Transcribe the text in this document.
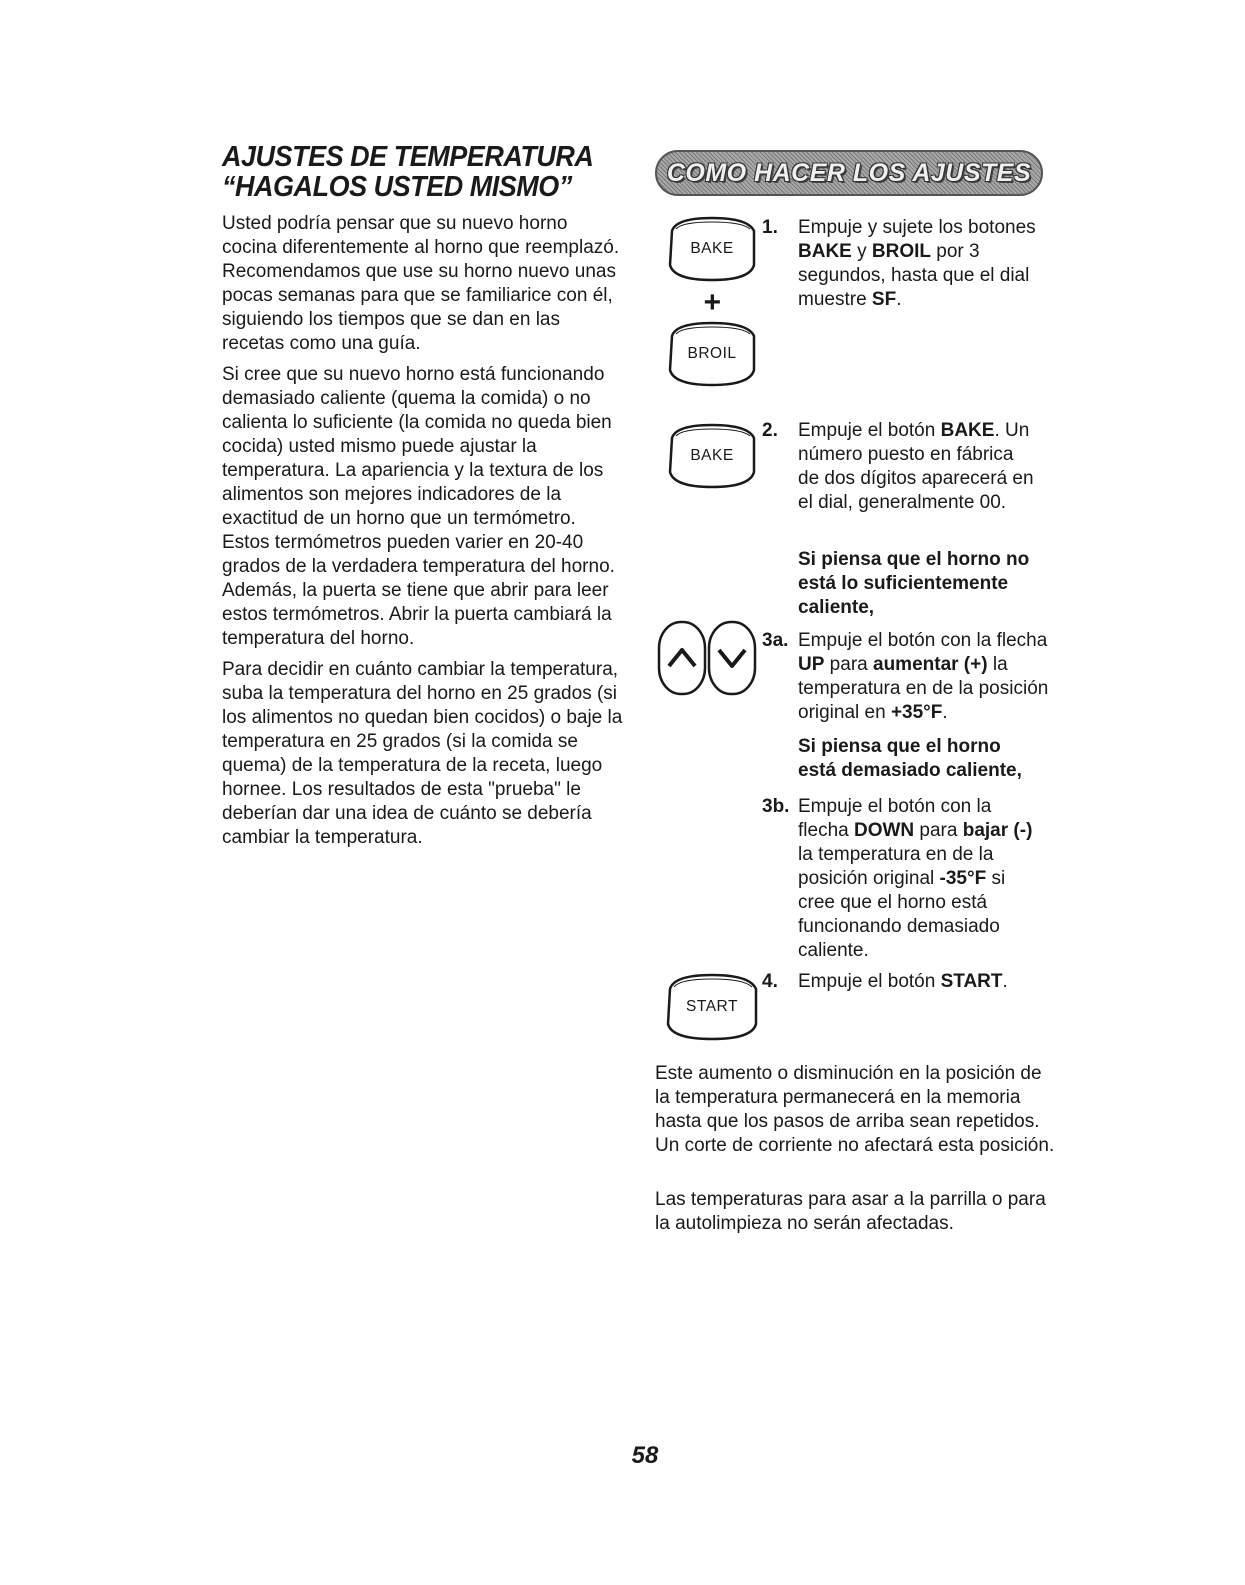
AJUSTES DE TEMPERATURA
“HAGALOS USTED MISMO”

Usted podría pensar que su nuevo horno cocina diferentemente al horno que reemplazó. Recomendamos que use su horno nuevo unas pocas semanas para que se familiarice con él, siguiendo los tiempos que se dan en las recetas como una guía.

Si cree que su nuevo horno está funcionando demasiado caliente (quema la comida) o no calienta lo suficiente (la comida no queda bien cocida) usted mismo puede ajustar la temperatura. La apariencia y la textura de los alimentos son mejores indicadores de la exactitud de un horno que un termómetro. Estos termómetros pueden varier en 20-40 grados de la verdadera temperatura del horno. Además, la puerta se tiene que abrir para leer estos termómetros. Abrir la puerta cambiará la temperatura del horno.

Para decidir en cuánto cambiar la temperatura, suba la temperatura del horno en 25 grados (si los alimentos no quedan bien cocidos) o baje la temperatura en 25 grados (si la comida se quema) de la temperatura de la receta, luego hornee. Los resultados de esta "prueba" le deberían dar una idea de cuánto se debería cambiar la temperatura.

COMO HACER LOS AJUSTES
BAKE
+
BROIL
BAKE
START
1. Empuje y sujete los botones BAKE y BROIL por 3 segundos, hasta que el dial muestre SF.
2. Empuje el botón BAKE. Un número puesto en fábrica de dos dígitos aparecerá en el dial, generalmente 00.
Si piensa que el horno no está lo suficientemente caliente,
3a. Empuje el botón con la flecha UP para aumentar (+) la temperatura en de la posición original en +35°F.
Si piensa que el horno está demasiado caliente,
3b. Empuje el botón con la flecha DOWN para bajar (-) la temperatura en de la posición original -35°F si cree que el horno está funcionando demasiado caliente.
4. Empuje el botón START.

Este aumento o disminución en la posición de la temperatura permanecerá en la memoria hasta que los pasos de arriba sean repetidos. Un corte de corriente no afectará esta posición.

Las temperaturas para asar a la parrilla o para la autolimpieza no serán afectadas.

58
